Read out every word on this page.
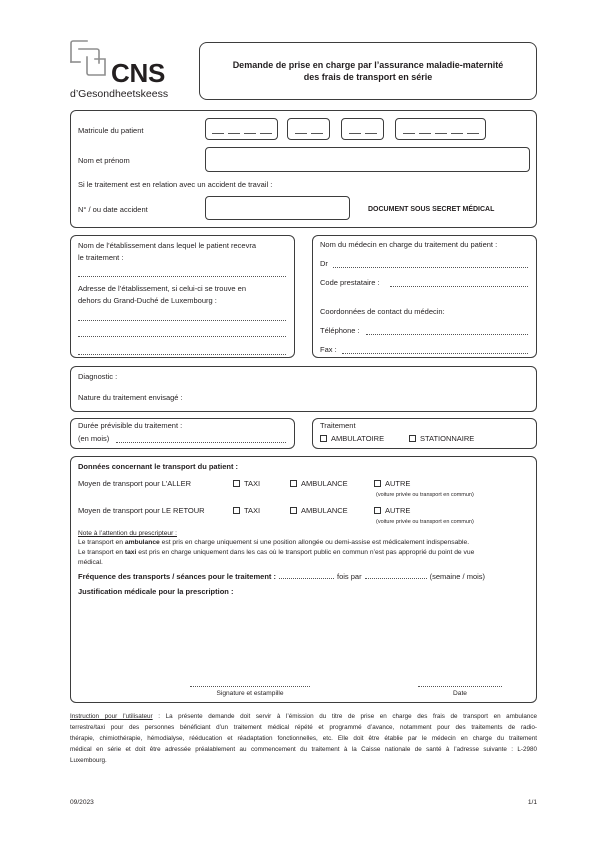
CNS
d’Gesondheetskeess
Demande de prise en charge par l’assurance maladie-maternité
des frais de transport en série
Matricule du patient
Nom et prénom
Si le traitement est en relation avec un accident de travail :
N° / ou date accident	DOCUMENT SOUS SECRET MÉDICAL
Nom de l’établissement dans lequel le patient recevra
le traitement :
Adresse de l’établissement, si celui-ci se trouve en
dehors du Grand-Duché de Luxembourg :
Nom du médecin en charge du traitement du patient :
Dr
Code prestataire :
Coordonnées de contact du médecin:
Téléphone :
Fax :
Diagnostic :
Nature du traitement envisagé :
Durée prévisible du traitement :
(en mois)
Traitement
AMBULATOIRE	STATIONNAIRE
Données concernant le transport du patient :
Moyen de transport pour L’ALLER	TAXI	AMBULANCE	AUTRE
(voiture privée ou transport en commun)
Moyen de transport pour LE RETOUR	TAXI	AMBULANCE	AUTRE
(voiture privée ou transport en commun)
Note à l’attention du prescripteur :
Le transport en ambulance est pris en charge uniquement si une position allongée ou demi-assise est médicalement indispensable.
Le transport en taxi est pris en charge uniquement dans les cas où le transport public en commun n’est pas approprié du point de vue
médical.
Fréquence des transports / séances pour le traitement :	fois par	(semaine / mois)
Justification médicale pour la prescription :
Signature et estampille	Date
Instruction pour l’utilisateur : La présente demande doit servir à l’émission du titre de prise en charge des frais de transport en ambulance
terrestre/taxi pour des personnes bénéficiant d’un traitement médical répété et programmé d’avance, notamment pour des traitements de radio-
thérapie, chimiothérapie, hémodialyse, rééducation et réadaptation fonctionnelles, etc. Elle doit être établie par le médecin en charge du traitement
médical en série et doit être adressée préalablement au commencement du traitement à la Caisse nationale de santé à l’adresse suivante : L-2980
Luxembourg.
09/2023	1/1
